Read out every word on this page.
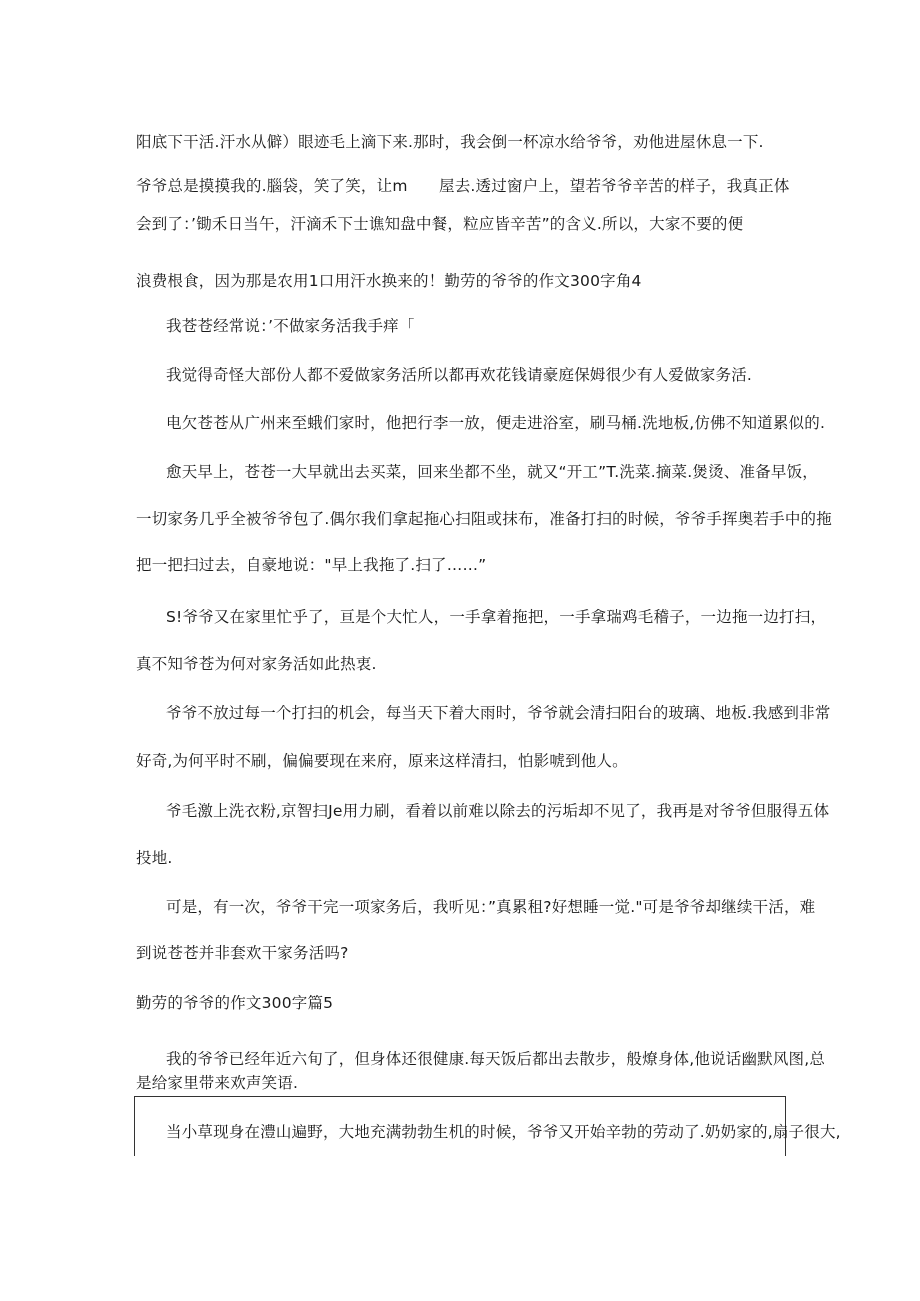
阳底下干活.汗水从僻）眼迹毛上滴下来.那时，我会倒一杯凉水给爷爷，劝他进屋休息一下.
爷爷总是摸摸我的.腦袋，笑了笑，让m　　屋去.透过窗户上，望若爷爷辛苦的样子，我真正体
会到了：’锄禾日当午，汗滴禾下士谯知盘中餐，粒应皆辛苦”的含义.所以，大家不要的便
浪费根食，因为那是农用1口用汗水换来的！勤劳的爷爷的作文300字角4
我苍苍经常说：’不做家务活我手痒「
我觉得奇怪大部份人都不爱做家务活所以都再欢花钱请豪庭保姆很少有人爱做家务活.
电欠苍苍从广州来至蛾们家时，他把行李一放，便走进浴室，刷马桶.洗地板,仿佛不知道累似的.
愈天早上，苍苍一大早就出去买菜，回来坐都不坐，就又“开工”T.洗菜.摘菜.煲烫、准备早饭，
一切家务几乎全被爷爷包了.偶尔我们拿起拖心扫阻或抹布，准备打扫的时候，爷爷手挥奥若手中的拖
把一把扫过去，自豪地说："早上我拖了.扫了……”
S!爷爷又在家里忙乎了，亘是个大忙人，一手拿着拖把，一手拿瑞鸡毛稽子，一边拖一边打扫，
真不知爷苍为何对家务活如此热衷.
爷爷不放过每一个打扫的机会，每当天下着大雨时，爷爷就会清扫阳台的玻璃、地板.我感到非常
好奇,为何平时不刷，偏偏要现在来府，原来这样清扫，怕影唬到他人。
爷毛激上洗衣粉,京智扫Je用力刷，看着以前难以除去的污垢却不见了，我再是对爷爷但服得五体
投地.
可是，有一次，爷爷干完一项家务后，我听见：”真累租?好想睡一觉."可是爷爷却继续干活，难
到说苍苍并非套欢干家务活吗?
勤劳的爷爷的作文300字篇5
我的爷爷已经年近六旬了，但身体还很健康.每天饭后都出去散步，般燎身体,他说话幽默风图,总
是给家里带来欢声笑语.
当小草现身在澧山遍野，大地充满勃勃生机的时候，爷爷又开始辛勃的劳动了.奶奶家的,扇子很大,
